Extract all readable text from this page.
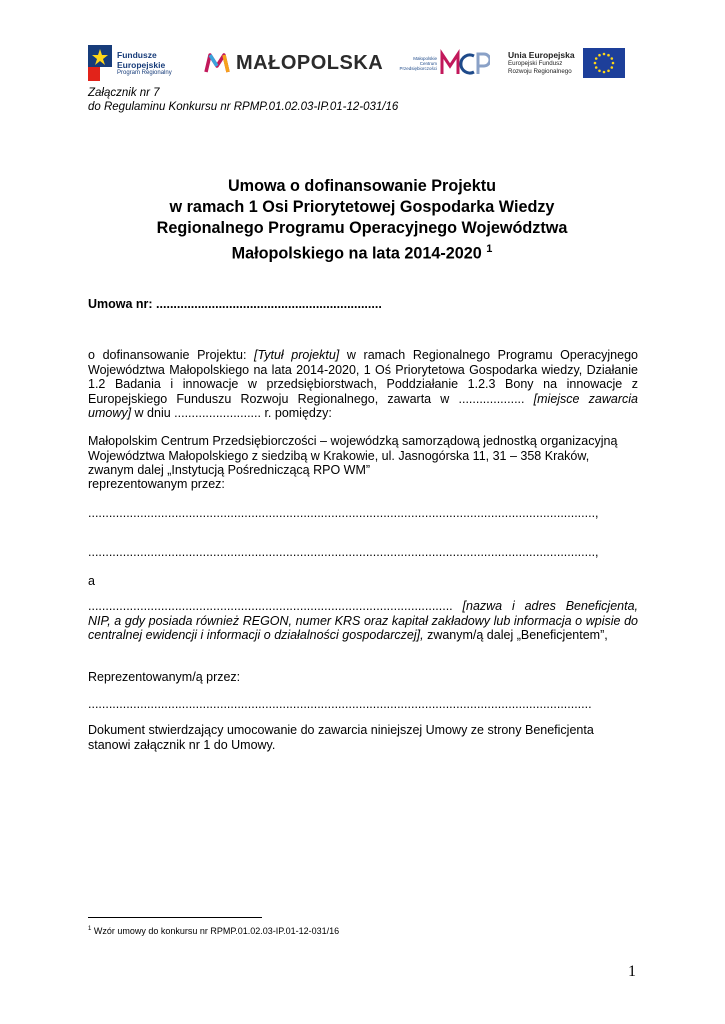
Fundusze
Europejskie
Program Regionalny	MAŁOPOLSKA	Małopolskie Centrum Przedsiębiorczości
Unia Europejska
Europejski Fundusz
Rozwoju Regionalnego
Załącznik nr 7
do Regulaminu Konkursu nr RPMP.01.02.03-IP.01-12-031/16
Umowa o dofinansowanie Projektu
w ramach 1 Osi Priorytetowej Gospodarka Wiedzy
Regionalnego Programu Operacyjnego Województwa
Małopolskiego na lata 2014-2020 $^1$
Umowa nr: .................................................................
o dofinansowanie Projektu: [Tytuł projektu] w ramach Regionalnego Programu Operacyjnego Województwa Małopolskiego na lata 2014-2020, 1 Oś Priorytetowa Gospodarka wiedzy, Działanie 1.2 Badania i innowacje w przedsiębiorstwach, Poddziałanie 1.2.3 Bony na innowacje z Europejskiego Funduszu Rozwoju Regionalnego, zawarta w ................... [miejsce zawarcia umowy] w dniu ......................... r. pomiędzy:
Małopolskim Centrum Przedsiębiorczości – wojewódzką samorządową jednostką organizacyjną Województwa Małopolskiego z siedzibą w Krakowie, ul. Jasnogórska 11, 31 – 358 Kraków, zwanym dalej „Instytucją Pośredniczącą RPO WM”
reprezentowanym przez:
..................................................................................................................................................,
..................................................................................................................................................,
a
......................................................................................................... [nazwa i adres Beneficjenta, NIP, a gdy posiada również REGON, numer KRS oraz kapitał zakładowy lub informacja o wpisie do centralnej ewidencji i informacji o działalności gospodarczej], zwanym/ą dalej „Beneficjentem”,
Reprezentowanym/ą przez:
.................................................................................................................................................
Dokument stwierdzający umocowanie do zawarcia niniejszej Umowy ze strony Beneficjenta stanowi załącznik nr 1 do Umowy.
$^1$ Wzór umowy do konkursu nr RPMP.01.02.03-IP.01-12-031/16
1
